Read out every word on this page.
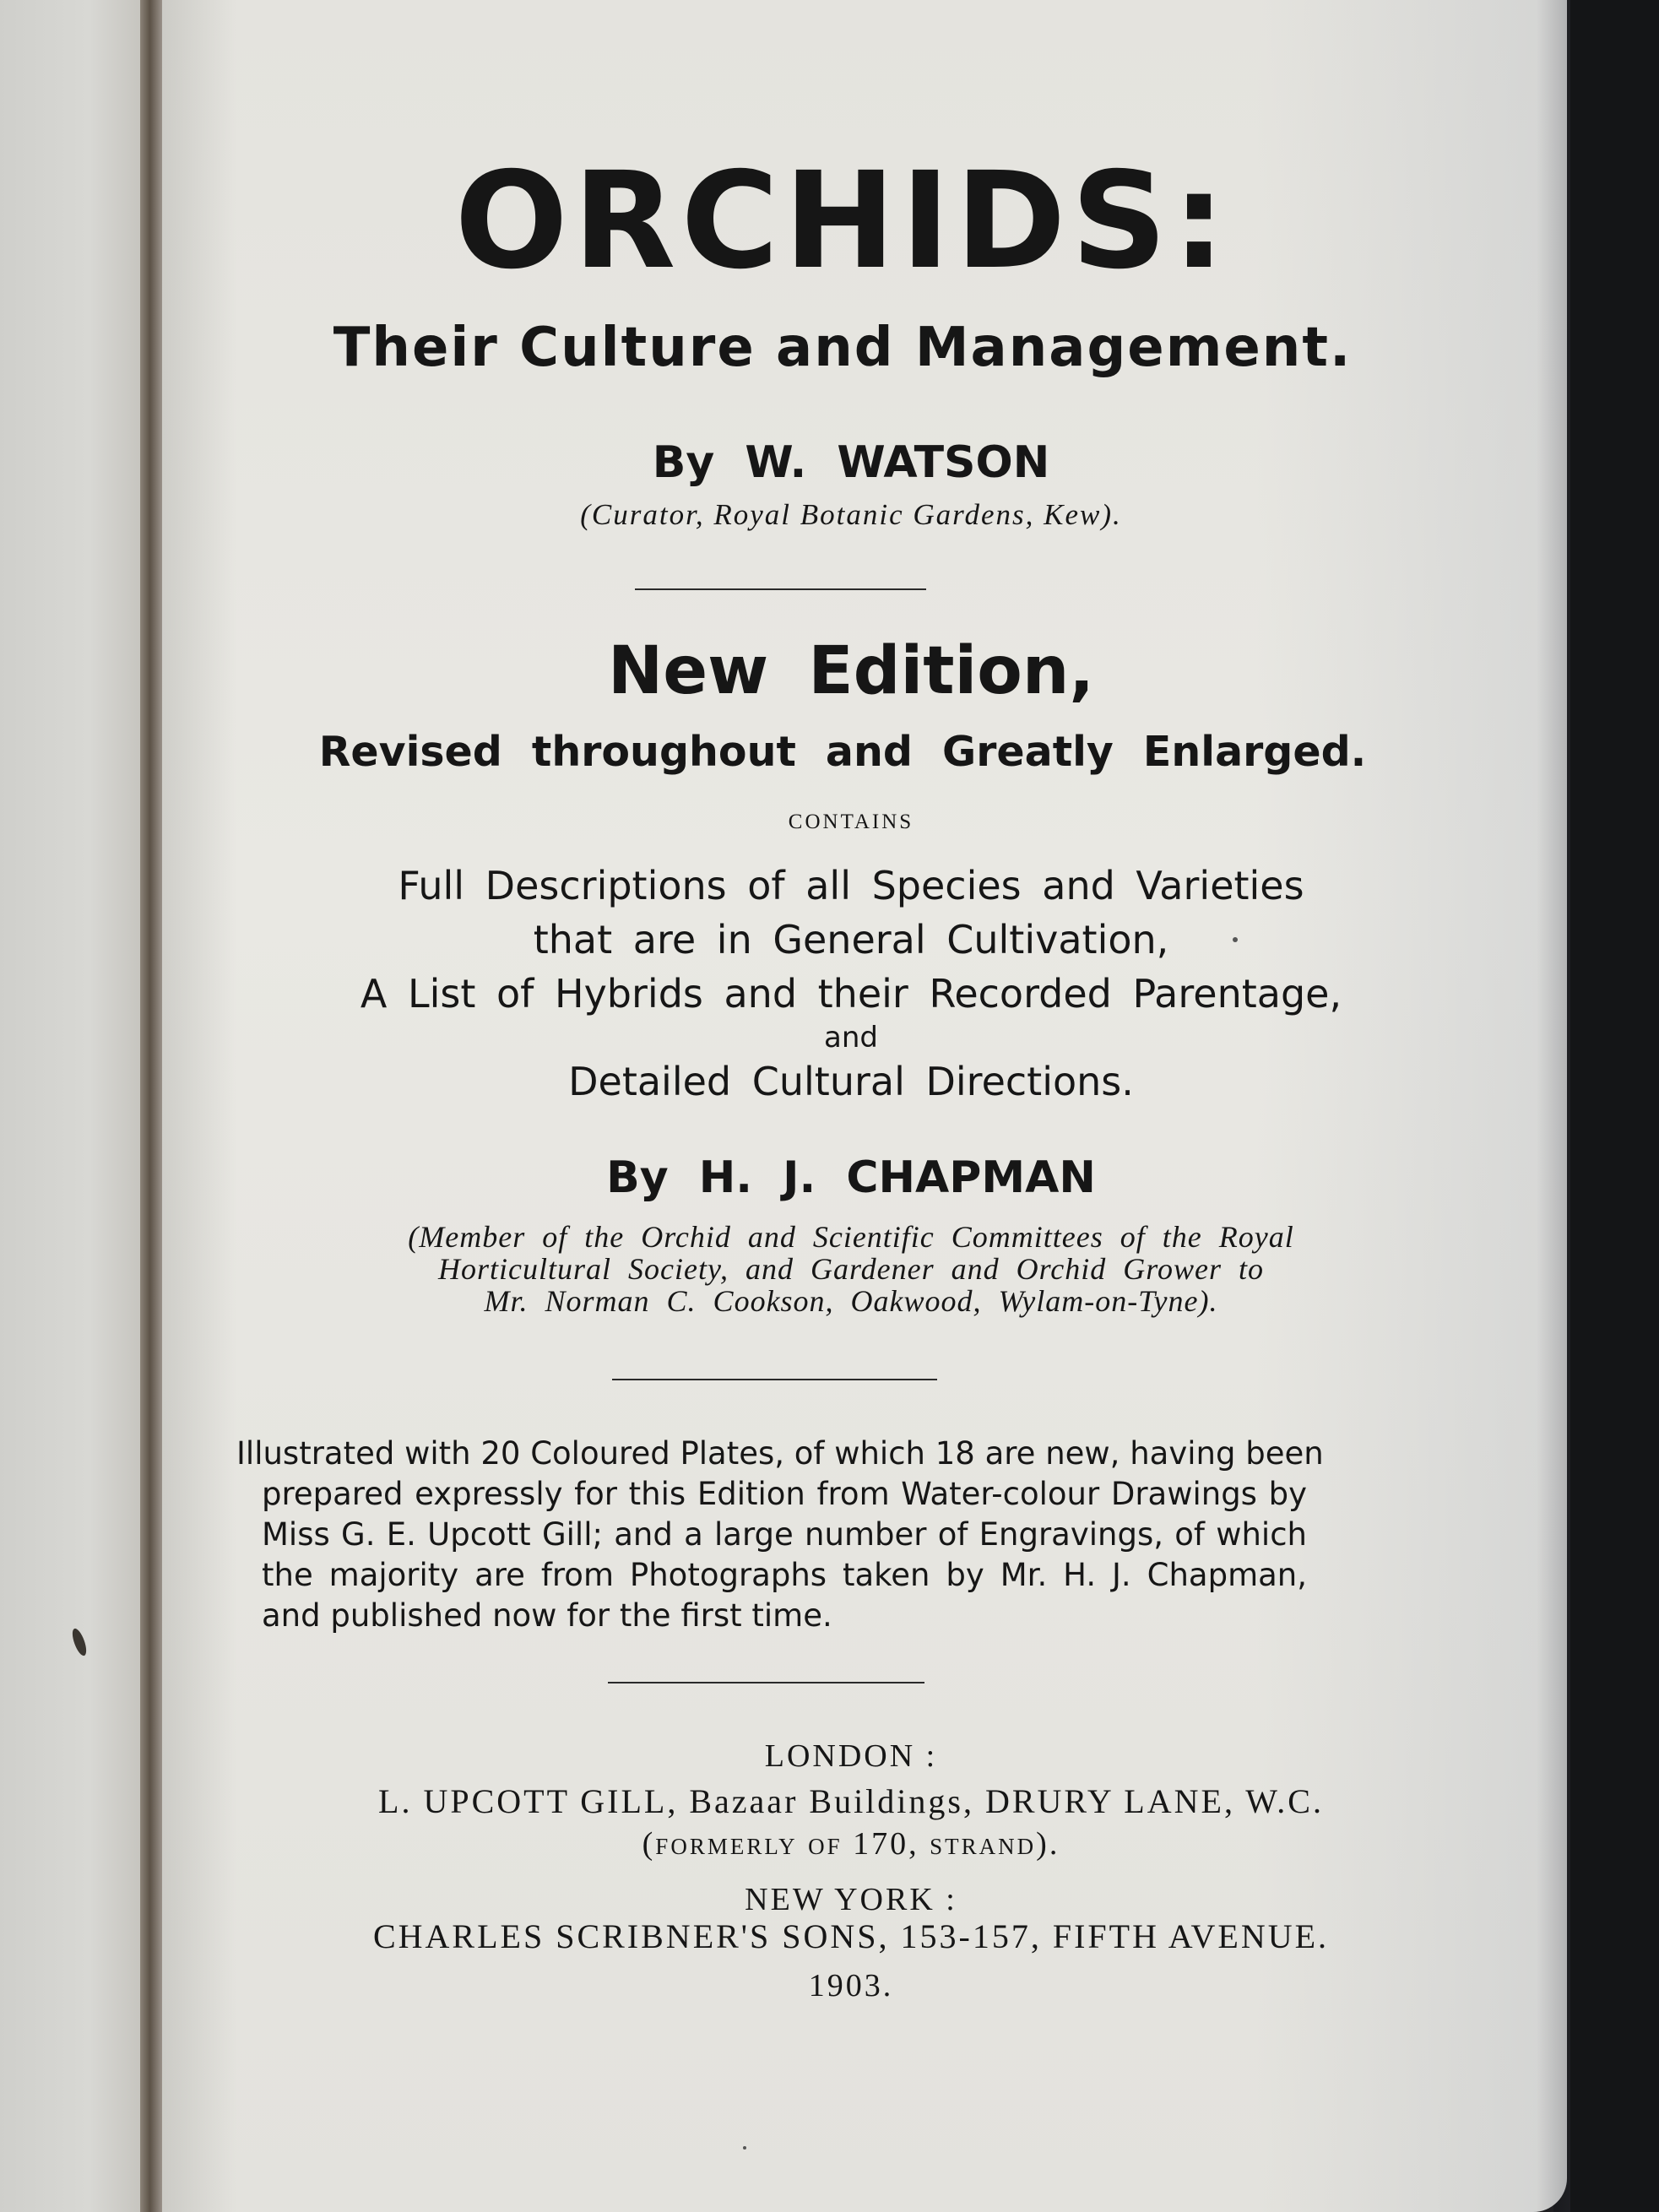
ORCHIDS:
Their Culture and Management.
By W. WATSON
(Curator, Royal Botanic Gardens, Kew).
New Edition,
Revised throughout and Greatly Enlarged.
CONTAINS
Full Descriptions of all Species and Varieties
that are in General Cultivation,
A List of Hybrids and their Recorded Parentage,
and
Detailed Cultural Directions.
By H. J. CHAPMAN
(Member of the Orchid and Scientific Committees of the Royal
Horticultural Society, and Gardener and Orchid Grower to
Mr. Norman C. Cookson, Oakwood, Wylam-on-Tyne).
Illustrated with 20 Coloured Plates, of which 18 are new, having been
prepared expressly for this Edition from Water-colour Drawings by
Miss G. E. Upcott Gill; and a large number of Engravings, of which
the majority are from Photographs taken by Mr. H. J. Chapman,
and published now for the first time.
LONDON :
L. UPCOTT GILL, Bazaar Buildings, DRURY LANE, W.C.
(formerly of 170, strand).
NEW YORK :
CHARLES SCRIBNER'S SONS, 153-157, FIFTH AVENUE.
1903.
